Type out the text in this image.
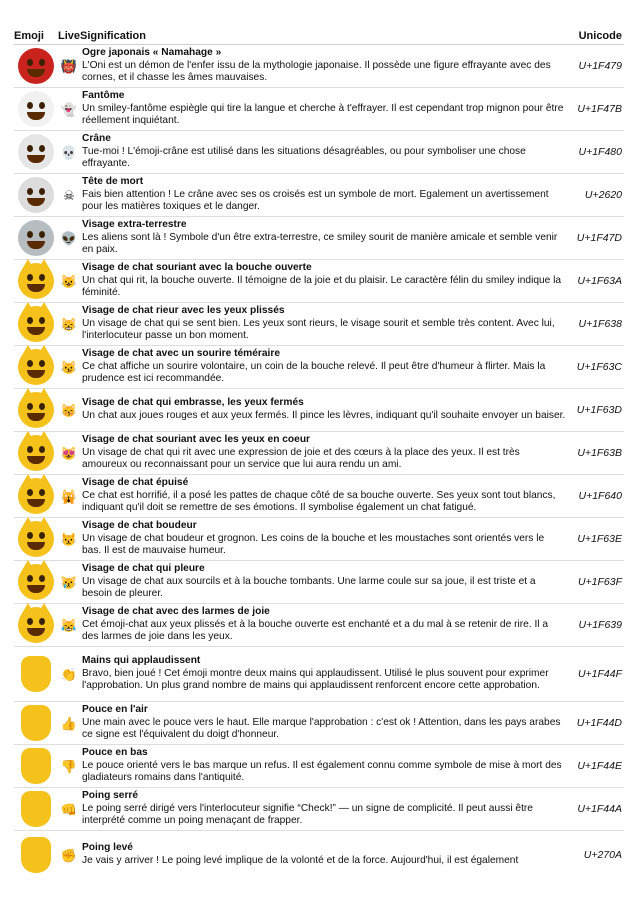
Emoji	Live	Signification	Unicode

	👹	Ogre japonais « Namahage »
L'Oni est un démon de l'enfer issu de la mythologie japonaise. Il possède une figure effrayante avec des cornes, et il chasse les âmes mauvaises.	U+1F479

	👻	Fantôme
Un smiley-fantôme espiègle qui tire la langue et cherche à t'effrayer. Il est cependant trop mignon pour être réellement inquiétant.	U+1F47B

	💀	Crâne
Tue-moi ! L'émoji-crâne est utilisé dans les situations désagréables, ou pour symboliser une chose effrayante.	U+1F480

	☠	Tête de mort
Fais bien attention ! Le crâne avec ses os croisés est un symbole de mort. Egalement un avertissement pour les matières toxiques et le danger.	U+2620

	👽	Visage extra-terrestre
Les aliens sont là ! Symbole d'un être extra-terrestre, ce smiley sourit de manière amicale et semble venir en paix.	U+1F47D

	😺	Visage de chat souriant avec la bouche ouverte
Un chat qui rit, la bouche ouverte. Il témoigne de la joie et du plaisir. Le caractère félin du smiley indique la féminité.	U+1F63A

	😸	Visage de chat rieur avec les yeux plissés
Un visage de chat qui se sent bien. Les yeux sont rieurs, le visage sourit et semble très content. Avec lui, l'interlocuteur passe un bon moment.	U+1F638

	😼	Visage de chat avec un sourire téméraire
Ce chat affiche un sourire volontaire, un coin de la bouche relevé. Il peut être d'humeur à flirter. Mais la prudence est ici recommandée.	U+1F63C

	😽	Visage de chat qui embrasse, les yeux fermés
Un chat aux joues rouges et aux yeux fermés. Il pince les lèvres, indiquant qu'il souhaite envoyer un baiser.	U+1F63D

	😻	Visage de chat souriant avec les yeux en coeur
Un visage de chat qui rit avec une expression de joie et des cœurs à la place des yeux. Il est très amoureux ou reconnaissant pour un service que lui aura rendu un ami.	U+1F63B

	🙀	Visage de chat épuisé
Ce chat est horrifié, il a posé les pattes de chaque côté de sa bouche ouverte. Ses yeux sont tout blancs, indiquant qu'il doit se remettre de ses émotions. Il symbolise également un chat fatigué.	U+1F640

	😾	Visage de chat boudeur
Un visage de chat boudeur et grognon. Les coins de la bouche et les moustaches sont orientés vers le bas. Il est de mauvaise humeur.	U+1F63E

	😿	Visage de chat qui pleure
Un visage de chat aux sourcils et à la bouche tombants. Une larme coule sur sa joue, il est triste et a besoin de pleurer.	U+1F63F

	😹	Visage de chat avec des larmes de joie
Cet émoji-chat aux yeux plissés et à la bouche ouverte est enchanté et a du mal à se retenir de rire. Il a des larmes de joie dans les yeux.	U+1F639
	👏	Mains qui applaudissent
Bravo, bien joué ! Cet émoji montre deux mains qui applaudissent. Utilisé le plus souvent pour exprimer l'approbation. Un plus grand nombre de mains qui applaudissent renforcent encore cette approbation.	U+1F44F
	👍	Pouce en l'air
Une main avec le pouce vers le haut. Elle marque l'approbation : c'est ok ! Attention, dans les pays arabes ce signe est l'équivalent du doigt d'honneur.	U+1F44D
	👎	Pouce en bas
Le pouce orienté vers le bas marque un refus. Il est également connu comme symbole de mise à mort des gladiateurs romains dans l'antiquité.	U+1F44E
	👊	Poing serré
Le poing serré dirigé vers l'interlocuteur signifie “Check!” — un signe de complicité. Il peut aussi être interprété comme un poing menaçant de frapper.	U+1F44A
	✊	Poing levé
Je vais y arriver ! Le poing levé implique de la volonté et de la force. Aujourd'hui, il est également	U+270A
